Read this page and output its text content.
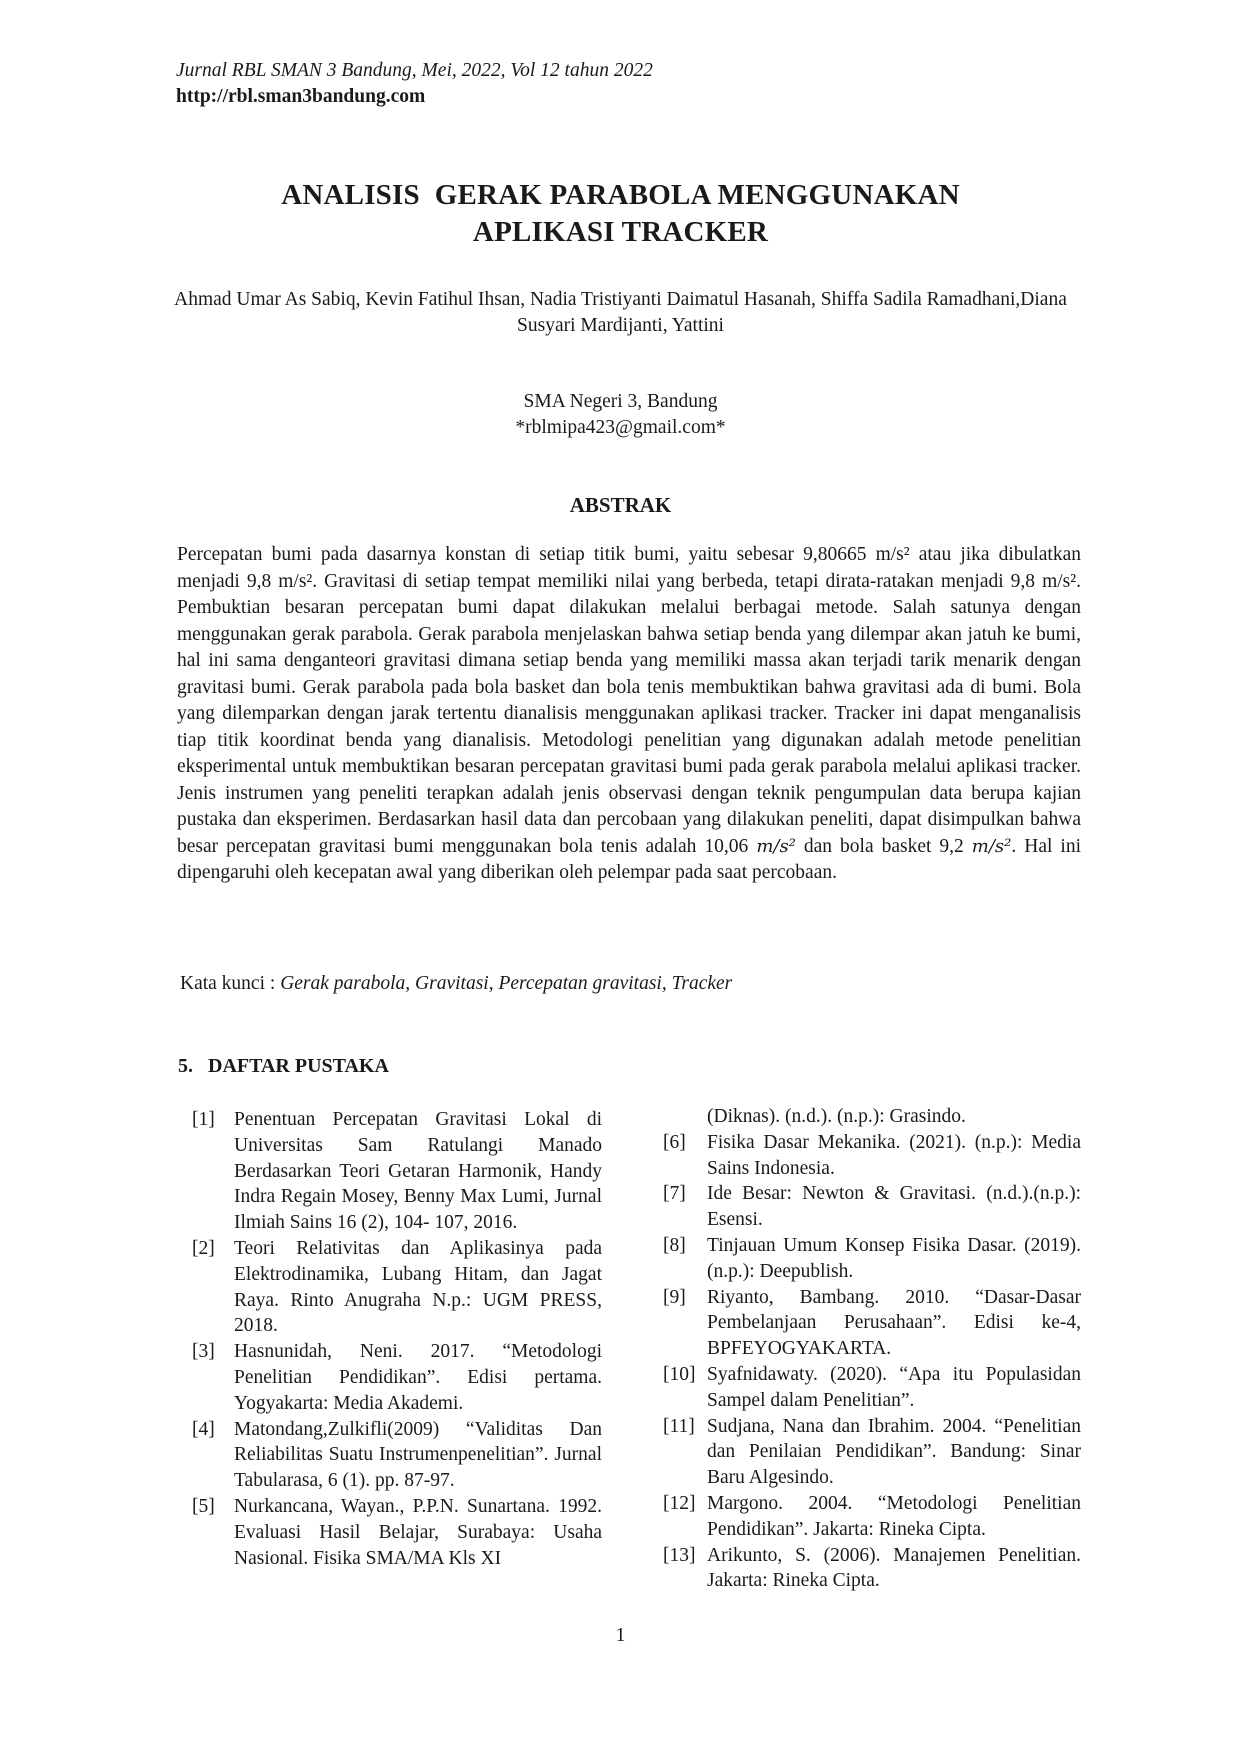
Jurnal RBL SMAN 3 Bandung, Mei, 2022, Vol 12 tahun 2022
http://rbl.sman3bandung.com
ANALISIS  GERAK PARABOLA MENGGUNAKAN
APLIKASI TRACKER
Ahmad Umar As Sabiq, Kevin Fatihul Ihsan, Nadia Tristiyanti Daimatul Hasanah, Shiffa Sadila Ramadhani,Diana Susyari Mardijanti, Yattini
SMA Negeri 3, Bandung
*rblmipa423@gmail.com*
ABSTRAK
Percepatan bumi pada dasarnya konstan di setiap titik bumi, yaitu sebesar 9,80665 m/s² atau jika dibulatkan menjadi 9,8 m/s². Gravitasi di setiap tempat memiliki nilai yang berbeda, tetapi dirata-ratakan menjadi 9,8 m/s². Pembuktian besaran percepatan bumi dapat dilakukan melalui berbagai metode. Salah satunya dengan menggunakan gerak parabola. Gerak parabola menjelaskan bahwa setiap benda yang dilempar akan jatuh ke bumi, hal ini sama denganteori gravitasi dimana setiap benda yang memiliki massa akan terjadi tarik menarik dengan gravitasi bumi. Gerak parabola pada bola basket dan bola tenis membuktikan bahwa gravitasi ada di bumi. Bola yang dilemparkan dengan jarak tertentu dianalisis menggunakan aplikasi tracker. Tracker ini dapat menganalisis tiap titik koordinat benda yang dianalisis. Metodologi penelitian yang digunakan adalah metode penelitian eksperimental untuk membuktikan besaran percepatan gravitasi bumi pada gerak parabola melalui aplikasi tracker. Jenis instrumen yang peneliti terapkan adalah jenis observasi dengan teknik pengumpulan data berupa kajian pustaka dan eksperimen. Berdasarkan hasil data dan percobaan yang dilakukan peneliti, dapat disimpulkan bahwa besar percepatan gravitasi bumi menggunakan bola tenis adalah 10,06 m/s² dan bola basket 9,2 m/s². Hal ini dipengaruhi oleh kecepatan awal yang diberikan oleh pelempar pada saat percobaan.
Kata kunci : Gerak parabola, Gravitasi, Percepatan gravitasi, Tracker
5. DAFTAR PUSTAKA
[1] Penentuan Percepatan Gravitasi Lokal di Universitas Sam Ratulangi Manado Berdasarkan Teori Getaran Harmonik, Handy Indra Regain Mosey, Benny Max Lumi, Jurnal Ilmiah Sains 16 (2), 104- 107, 2016.
[2] Teori Relativitas dan Aplikasinya pada Elektrodinamika, Lubang Hitam, dan Jagat Raya. Rinto Anugraha N.p.: UGM PRESS, 2018.
[3] Hasnunidah, Neni. 2017. “Metodologi Penelitian Pendidikan”. Edisi pertama. Yogyakarta: Media Akademi.
[4] Matondang,Zulkifli(2009) “Validitas Dan Reliabilitas Suatu Instrumenpenelitian”. Jurnal Tabularasa, 6 (1). pp. 87-97.
[5] Nurkancana, Wayan., P.P.N. Sunartana. 1992. Evaluasi Hasil Belajar, Surabaya: Usaha Nasional. Fisika SMA/MA Kls XI
(Diknas). (n.d.). (n.p.): Grasindo.
[6]	Fisika Dasar Mekanika. (2021). (n.p.): Media Sains Indonesia.
[7]	Ide Besar: Newton & Gravitasi. (n.d.).(n.p.): Esensi.
[8]	Tinjauan Umum Konsep Fisika Dasar. (2019). (n.p.): Deepublish.
[9]	Riyanto, Bambang. 2010. “Dasar-Dasar Pembelanjaan Perusahaan”. Edisi ke-4, BPFEYOGYAKARTA.
[10] Syafnidawaty. (2020). “Apa itu Populasidan Sampel dalam Penelitian”.
[11] Sudjana, Nana dan Ibrahim. 2004. “Penelitian dan Penilaian Pendidikan”. Bandung: Sinar Baru Algesindo.
[12] Margono. 2004. “Metodologi Penelitian Pendidikan”. Jakarta: Rineka Cipta.
[13] Arikunto, S. (2006). Manajemen Penelitian. Jakarta: Rineka Cipta.
1
